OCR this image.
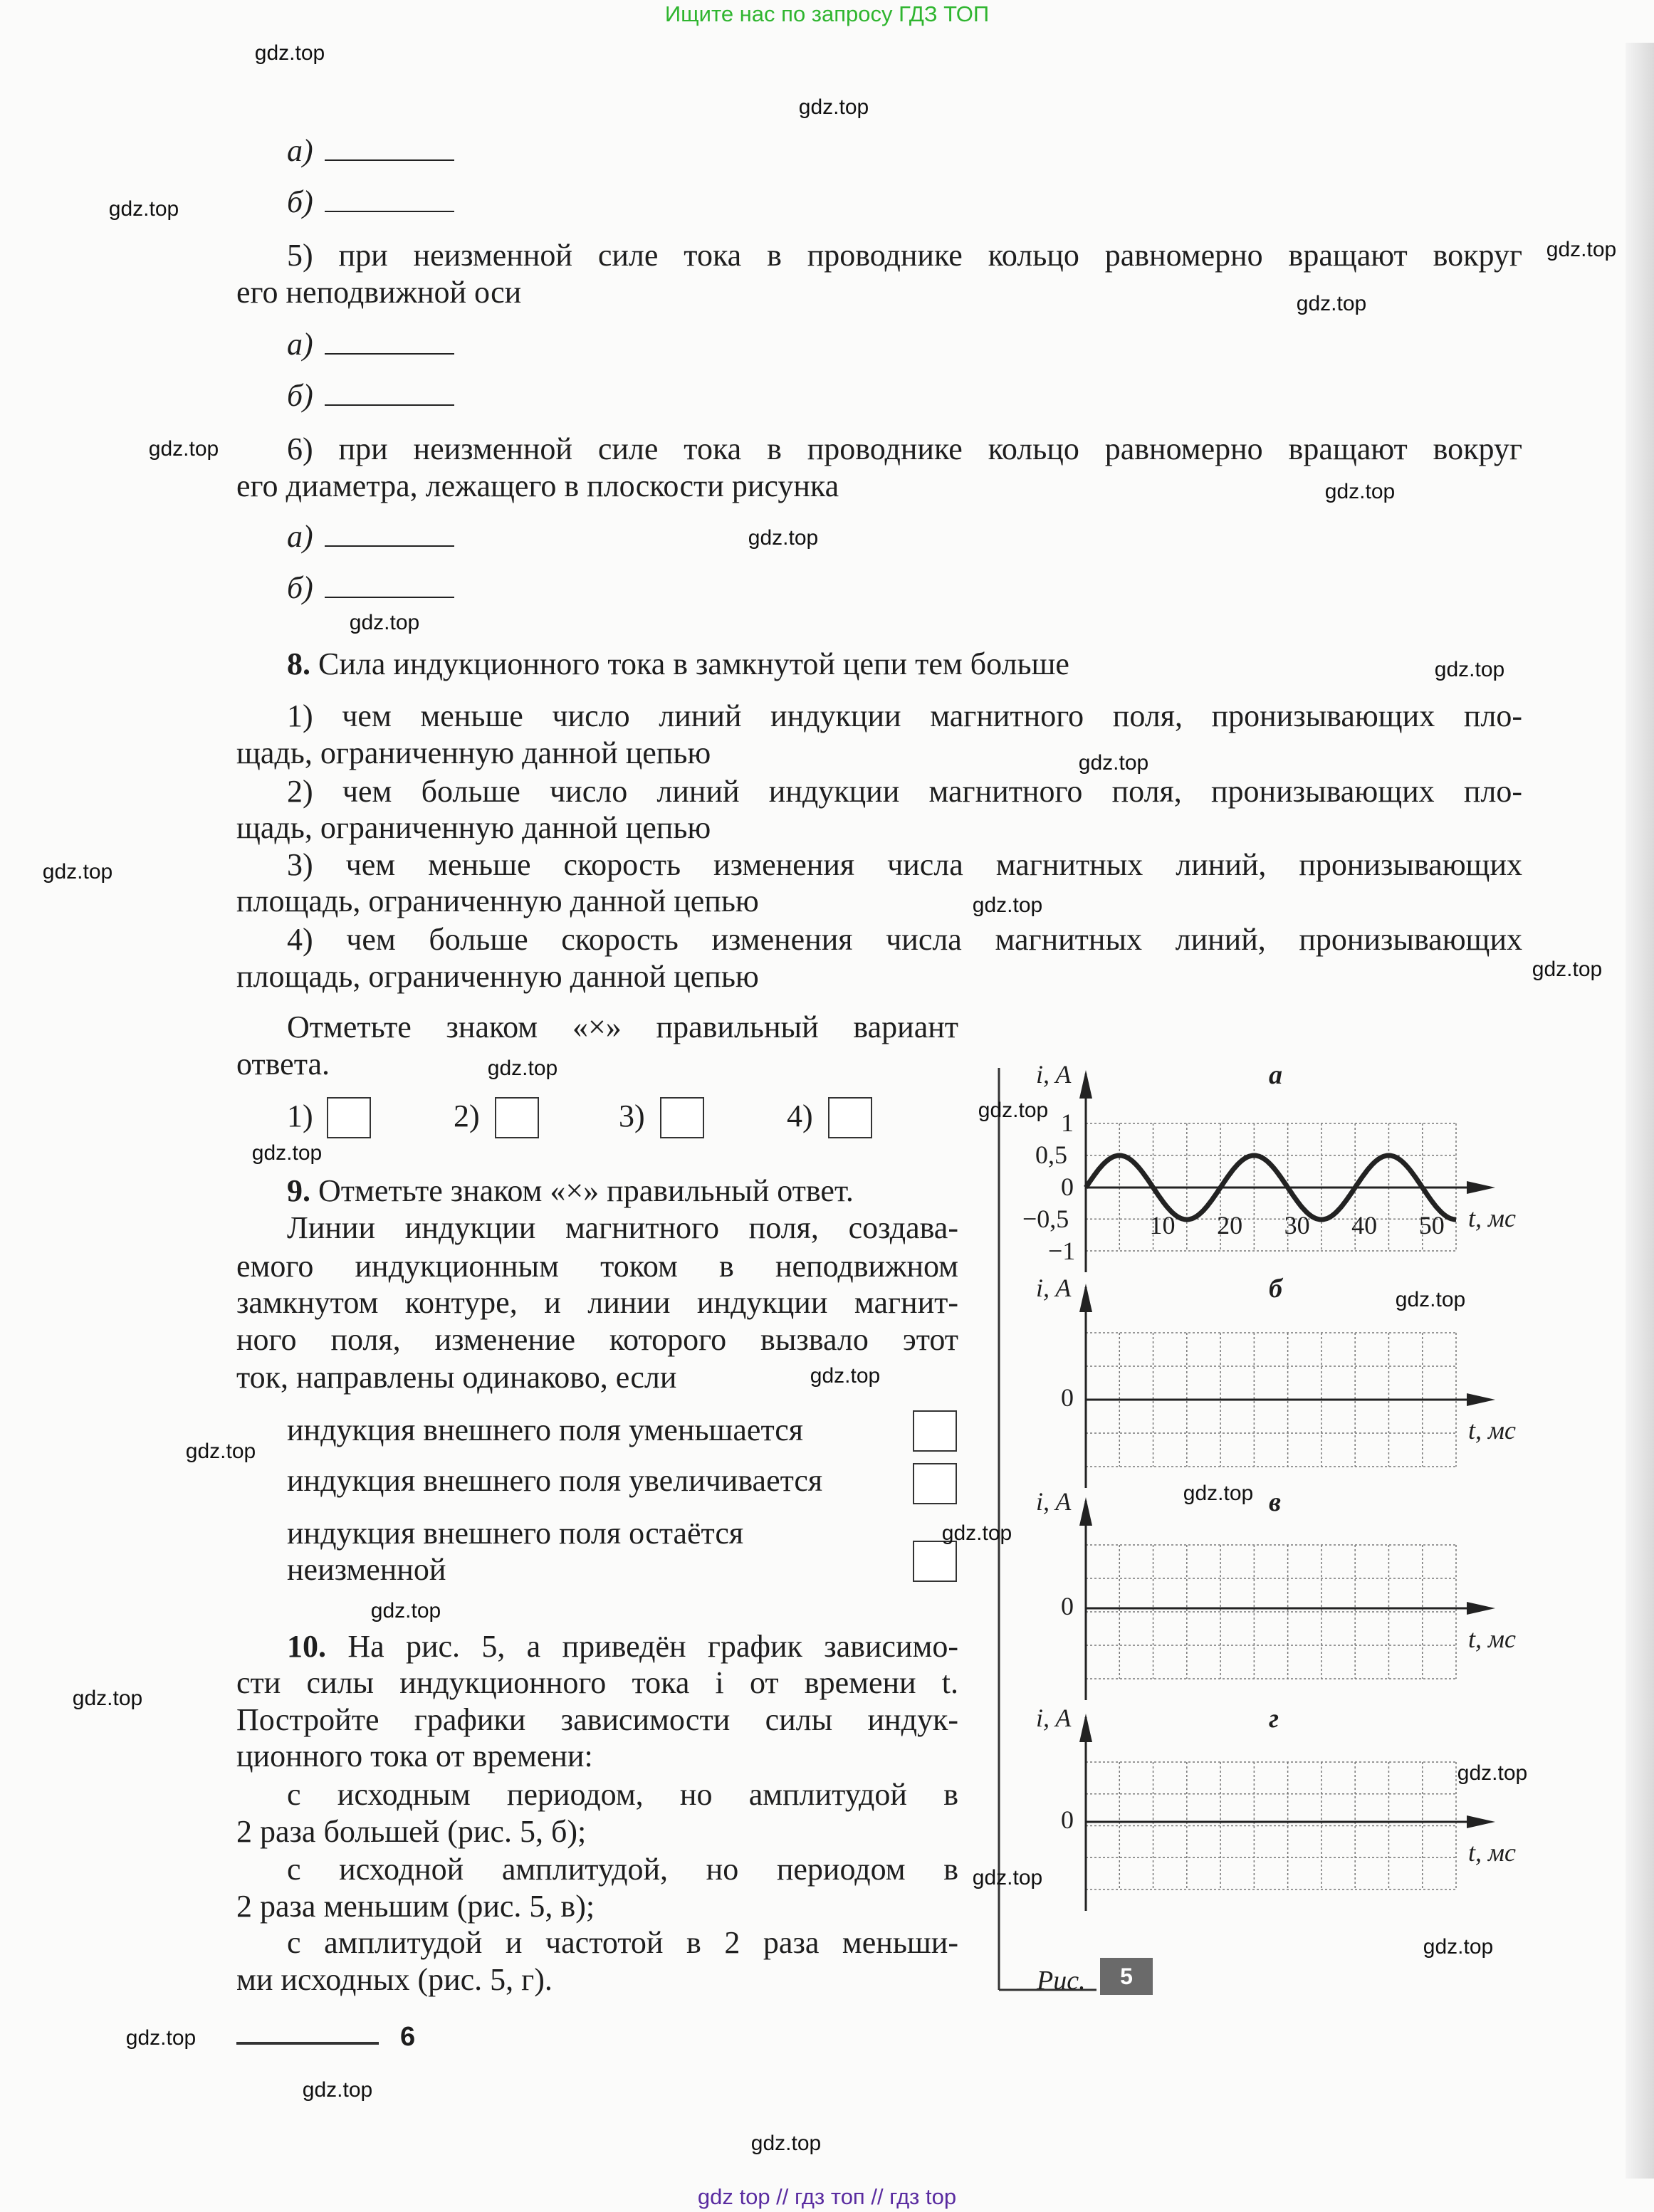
Ищите нас по запросу ГДЗ ТОП
а)
б)
5) при неизменной силе тока в проводнике кольцо равномерно вращают вокруг
его неподвижной оси
а)
б)
6) при неизменной силе тока в проводнике кольцо равномерно вращают вокруг
его диаметра, лежащего в плоскости рисунка
а)
б)
8. Сила индукционного тока в замкнутой цепи тем больше
1) чем меньше число линий индукции магнитного поля, пронизывающих пло-
щадь, ограниченную данной цепью
2) чем больше число линий индукции магнитного поля, пронизывающих пло-
щадь, ограниченную данной цепью
3) чем меньше скорость изменения числа магнитных линий, пронизывающих
площадь, ограниченную данной цепью
4) чем больше скорость изменения числа магнитных линий, пронизывающих
площадь, ограниченную данной цепью
Отметьте знаком «×» правильный вариант
ответа.
1)	2)	3)	4)
9. Отметьте знаком «×» правильный ответ.
Линии индукции магнитного поля, создава-
емого индукционным током в неподвижном
замкнутом контуре, и линии индукции магнит-
ного поля, изменение которого вызвало этот
ток, направлены одинаково, если
индукция внешнего поля уменьшается
индукция внешнего поля увеличивается
индукция внешнего поля остаётся
неизменной
10. На рис. 5, а приведён график зависимо-
сти силы индукционного тока i от времени t.
Постройте графики зависимости силы индук-
ционного тока от времени:
с исходным периодом, но амплитудой в
2 раза большей (рис. 5, б);
с исходной амплитудой, но периодом в
2 раза меньшим (рис. 5, в);
с амплитудой и частотой в 2 раза меньши-
ми исходных (рис. 5, г).
6
i, A	а
t, мс
i, A	б
t, мс
0
i, A	в
t, мс
0
i, A	г
t, мс
0
1
0,5
0
−0,5
−1
10 20 30 40 50
Рис.	5
gdz top // гдз топ // гдз top
gdz.top
gdz.top
gdz.top
gdz.top
gdz.top
gdz.top
gdz.top
gdz.top
gdz.top
gdz.top
gdz.top
gdz.top
gdz.top
gdz.top
gdz.top
gdz.top
gdz.top
gdz.top
gdz.top
gdz.top
gdz.top
gdz.top
gdz.top
gdz.top
gdz.top
gdz.top
gdz.top
gdz.top
gdz.top
gdz.top
